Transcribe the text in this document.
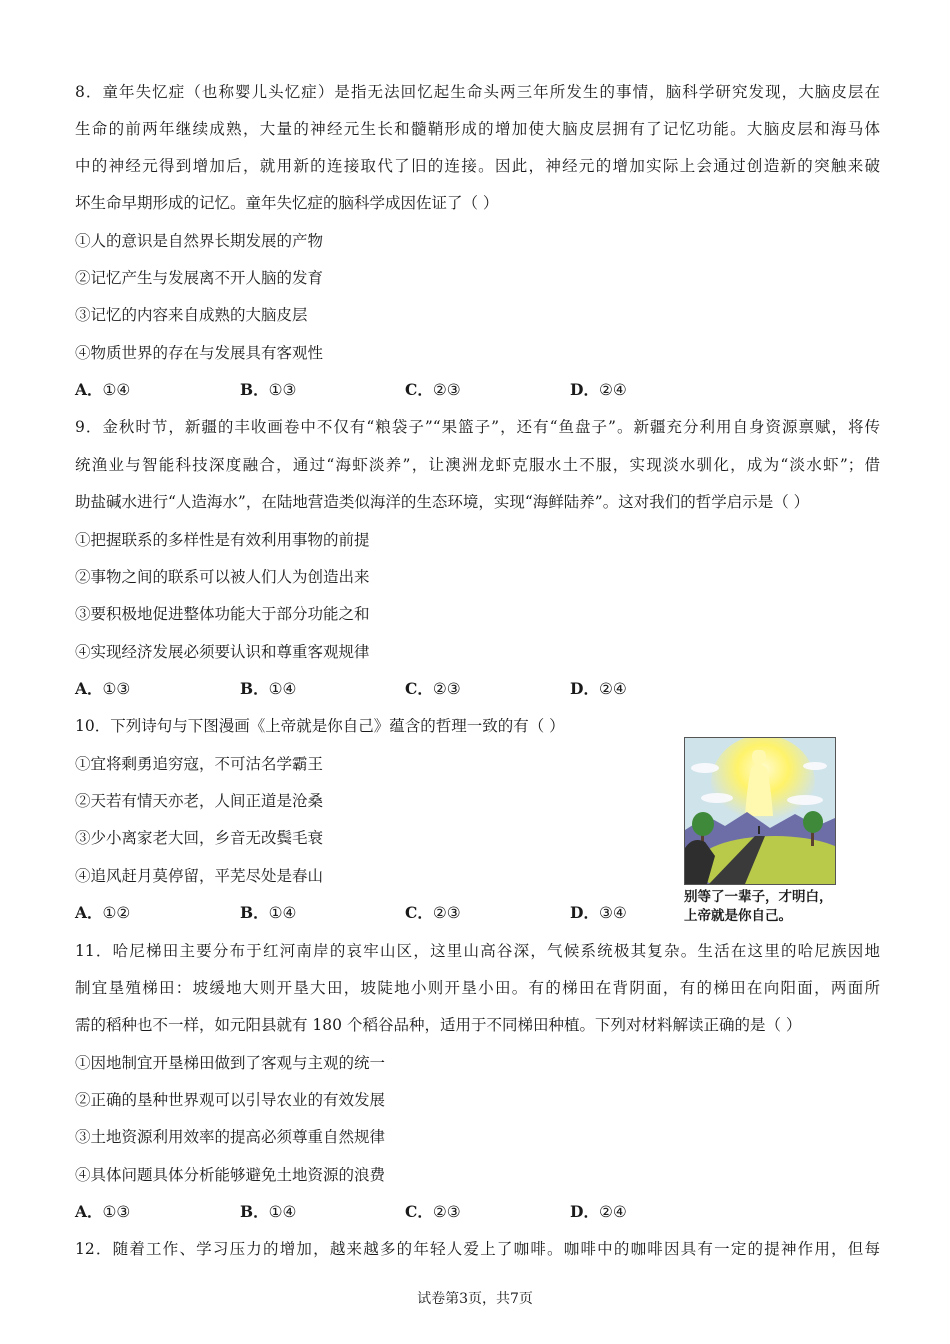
8．童年失忆症（也称婴儿头忆症）是指无法回忆起生命头两三年所发生的事情，脑科学研究发现，大脑皮层在
生命的前两年继续成熟，大量的神经元生长和髓鞘形成的增加使大脑皮层拥有了记忆功能。大脑皮层和海马体
中的神经元得到增加后，就用新的连接取代了旧的连接。因此，神经元的增加实际上会通过创造新的突触来破
坏生命早期形成的记忆。童年失忆症的脑科学成因佐证了（ ）
①人的意识是自然界长期发展的产物
②记忆产生与发展离不开人脑的发育
③记忆的内容来自成熟的大脑皮层
④物质世界的存在与发展具有客观性
A．①④	B．①③	C．②③	D．②④
9．金秋时节，新疆的丰收画卷中不仅有“粮袋子”“果篮子”，还有“鱼盘子”。新疆充分利用自身资源禀赋，将传
统渔业与智能科技深度融合，通过“海虾淡养”，让澳洲龙虾克服水土不服，实现淡水驯化，成为“淡水虾”；借
助盐碱水进行“人造海水”，在陆地营造类似海洋的生态环境，实现“海鲜陆养”。这对我们的哲学启示是（ ）
①把握联系的多样性是有效利用事物的前提
②事物之间的联系可以被人们人为创造出来
③要积极地促进整体功能大于部分功能之和
④实现经济发展必须要认识和尊重客观规律
A．①③	B．①④	C．②③	D．②④
10．下列诗句与下图漫画《上帝就是你自己》蕴含的哲理一致的有（ ）
①宜将剩勇追穷寇，不可沽名学霸王
②天若有情天亦老，人间正道是沧桑
③少小离家老大回，乡音无改鬓毛衰
④追风赶月莫停留，平芜尽处是春山
A．①②	B．①④	C．②③	D．③④
别等了一辈子，才明白，
上帝就是你自己。
11．哈尼梯田主要分布于红河南岸的哀牢山区，这里山高谷深，气候系统极其复杂。生活在这里的哈尼族因地
制宜垦殖梯田：坡缓地大则开垦大田，坡陡地小则开垦小田。有的梯田在背阴面，有的梯田在向阳面，两面所
需的稻种也不一样，如元阳县就有 180 个稻谷品种，适用于不同梯田种植。下列对材料解读正确的是（ ）
①因地制宜开垦梯田做到了客观与主观的统一
②正确的垦种世界观可以引导农业的有效发展
③土地资源利用效率的提高必须尊重自然规律
④具体问题具体分析能够避免土地资源的浪费
A．①③	B．①④	C．②③	D．②④
12．随着工作、学习压力的增加，越来越多的年轻人爱上了咖啡。咖啡中的咖啡因具有一定的提神作用，但每
试卷第3页，共7页
